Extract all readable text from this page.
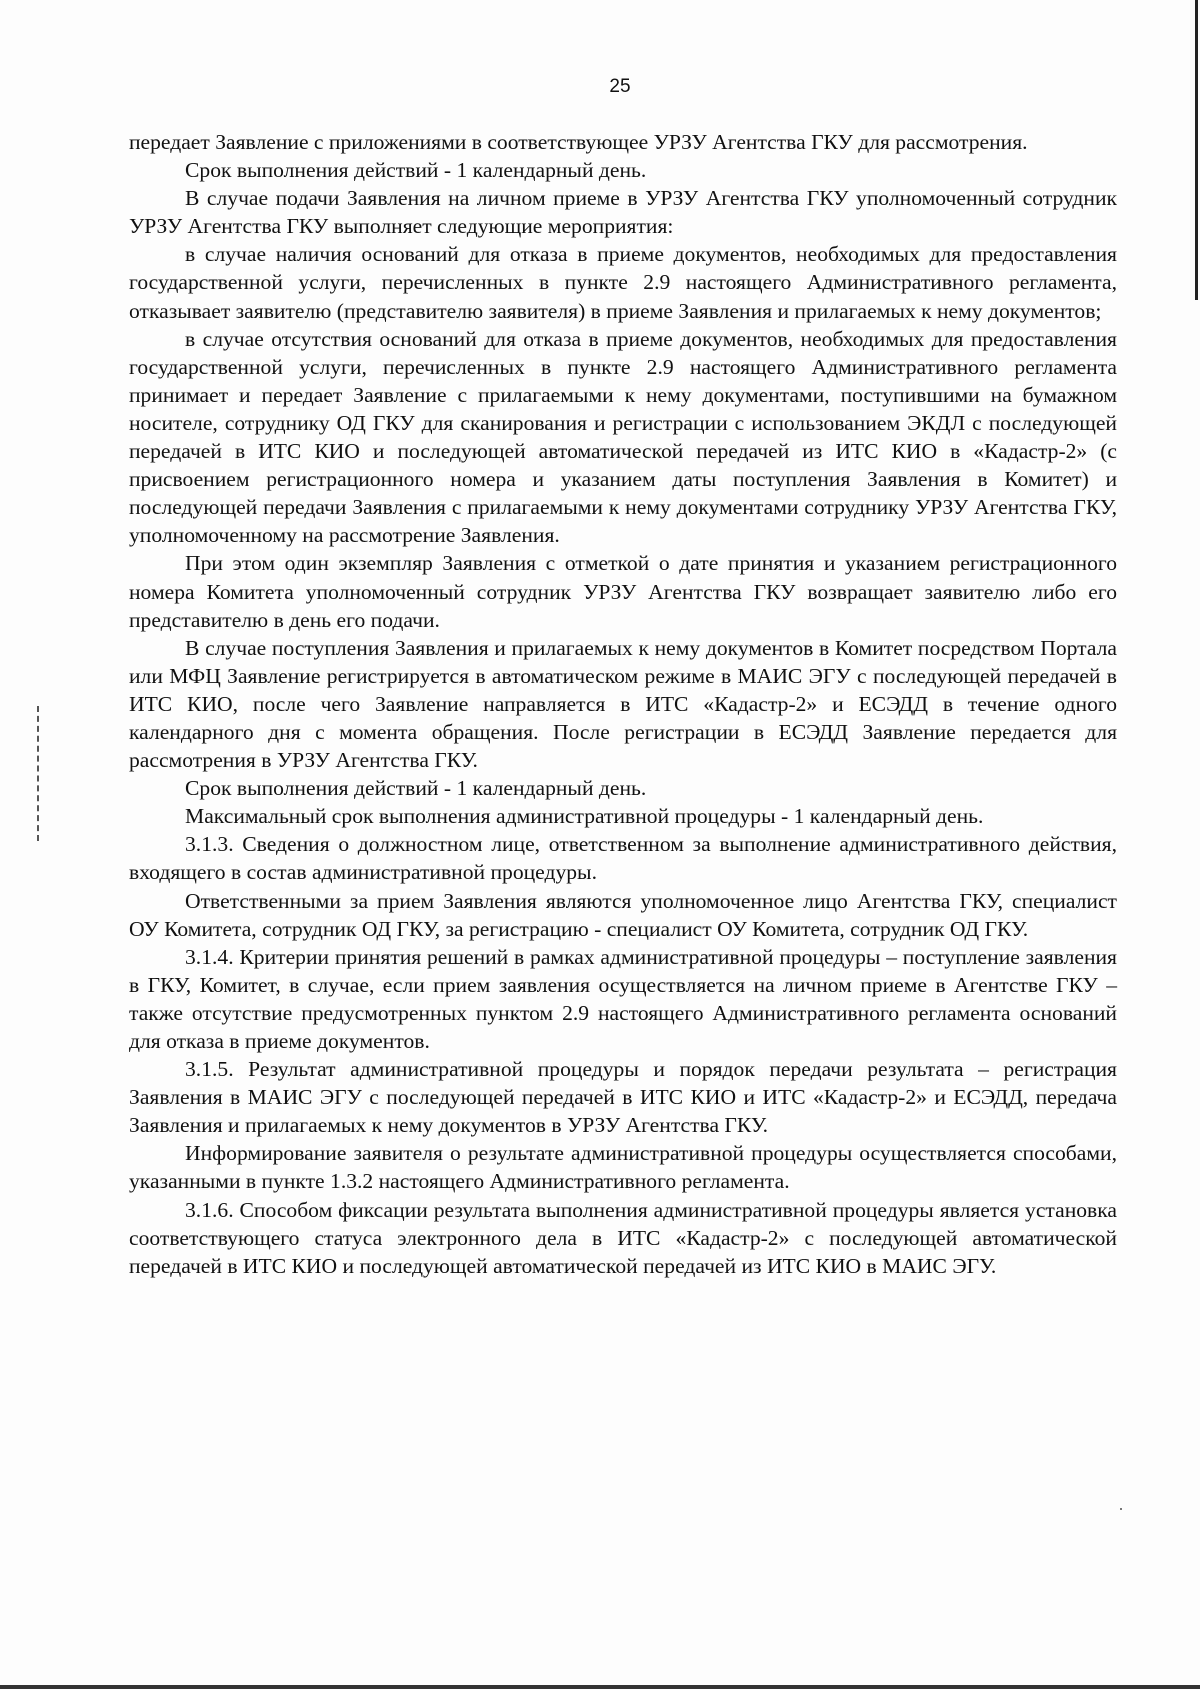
25

передает Заявление с приложениями в соответствующее УРЗУ Агентства ГКУ для рассмотрения.

Срок выполнения действий - 1 календарный день.

В случае подачи Заявления на личном приеме в УРЗУ Агентства ГКУ уполномоченный сотрудник УРЗУ Агентства ГКУ выполняет следующие мероприятия:

в случае наличия оснований для отказа в приеме документов, необходимых для предоставления государственной услуги, перечисленных в пункте 2.9 настоящего Административного регламента, отказывает заявителю (представителю заявителя) в приеме Заявления и прилагаемых к нему документов;

в случае отсутствия оснований для отказа в приеме документов, необходимых для предоставления государственной услуги, перечисленных в пункте 2.9 настоящего Административного регламента принимает и передает Заявление с прилагаемыми к нему документами, поступившими на бумажном носителе, сотруднику ОД ГКУ для сканирования и регистрации с использованием ЭКДЛ с последующей передачей в ИТС КИО и последующей автоматической передачей из ИТС КИО в «Кадастр-2» (с присвоением регистрационного номера и указанием даты поступления Заявления в Комитет) и последующей передачи Заявления с прилагаемыми к нему документами сотруднику УРЗУ Агентства ГКУ, уполномоченному на рассмотрение Заявления.

При этом один экземпляр Заявления с отметкой о дате принятия и указанием регистрационного номера Комитета уполномоченный сотрудник УРЗУ Агентства ГКУ возвращает заявителю либо его представителю в день его подачи.

В случае поступления Заявления и прилагаемых к нему документов в Комитет посредством Портала или МФЦ Заявление регистрируется в автоматическом режиме в МАИС ЭГУ с последующей передачей в ИТС КИО, после чего Заявление направляется в ИТС «Кадастр-2» и ЕСЭДД в течение одного календарного дня с момента обращения. После регистрации в ЕСЭДД Заявление передается для рассмотрения в УРЗУ Агентства ГКУ.

Срок выполнения действий - 1 календарный день.

Максимальный срок выполнения административной процедуры - 1 календарный день.

3.1.3. Сведения о должностном лице, ответственном за выполнение административного действия, входящего в состав административной процедуры.

Ответственными за прием Заявления являются уполномоченное лицо Агентства ГКУ, специалист ОУ Комитета, сотрудник ОД ГКУ, за регистрацию - специалист ОУ Комитета, сотрудник ОД ГКУ.

3.1.4. Критерии принятия решений в рамках административной процедуры – поступление заявления в ГКУ, Комитет, в случае, если прием заявления осуществляется на личном приеме в Агентстве ГКУ – также отсутствие предусмотренных пунктом 2.9 настоящего Административного регламента оснований для отказа в приеме документов.

3.1.5. Результат административной процедуры и порядок передачи результата – регистрация Заявления в МАИС ЭГУ с последующей передачей в ИТС КИО и ИТС «Кадастр-2» и ЕСЭДД, передача Заявления и прилагаемых к нему документов в УРЗУ Агентства ГКУ.

Информирование заявителя о результате административной процедуры осуществляется способами, указанными в пункте 1.3.2 настоящего Административного регламента.

3.1.6. Способом фиксации результата выполнения административной процедуры является установка соответствующего статуса электронного дела в ИТС «Кадастр-2» с последующей автоматической передачей в ИТС КИО и последующей автоматической передачей из ИТС КИО в МАИС ЭГУ.
